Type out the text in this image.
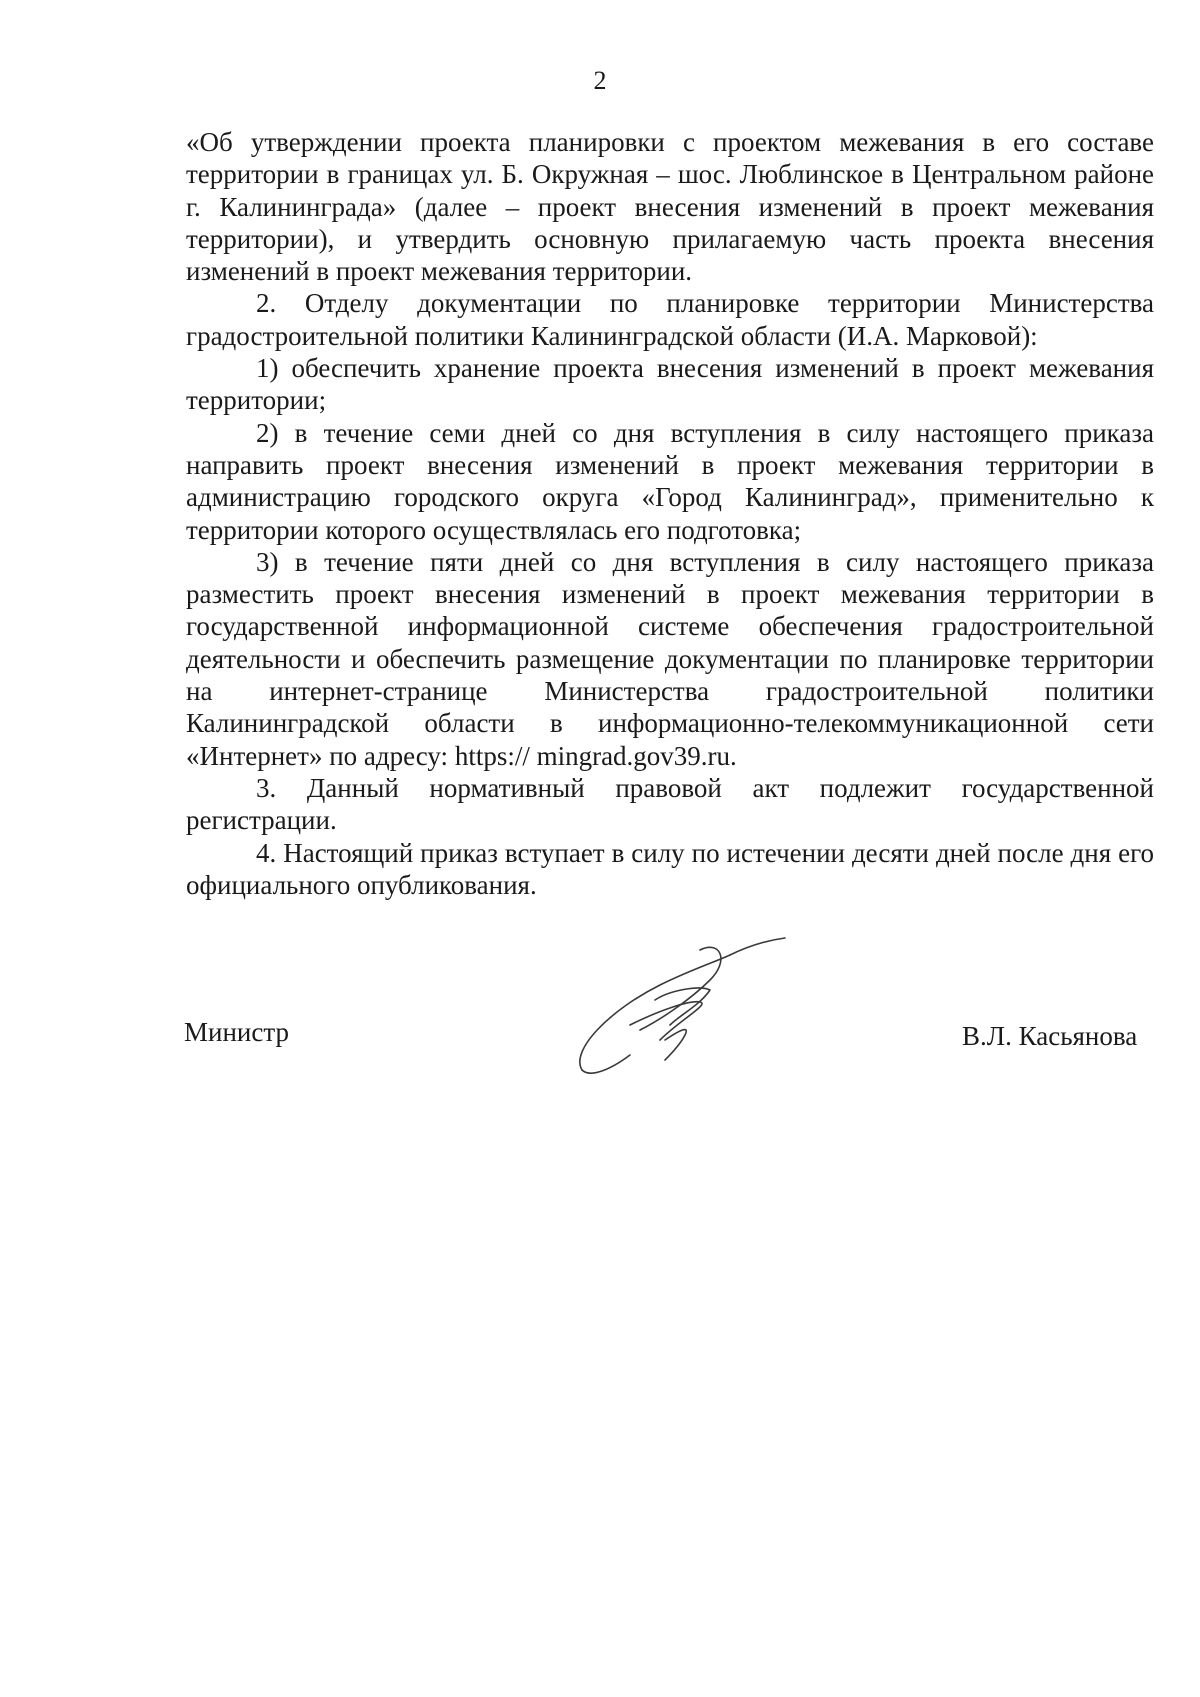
2

«Об утверждении проекта планировки с проектом межевания в его составе территории в границах ул. Б. Окружная – шос. Люблинское в Центральном районе г. Калининграда» (далее – проект внесения изменений в проект межевания территории), и утвердить основную прилагаемую часть проекта внесения изменений в проект межевания территории.

2. Отделу документации по планировке территории Министерства градостроительной политики Калининградской области (И.А. Марковой):

1) обеспечить хранение проекта внесения изменений в проект межевания территории;

2) в течение семи дней со дня вступления в силу настоящего приказа направить проект внесения изменений в проект межевания территории в администрацию городского округа «Город Калининград», применительно к территории которого осуществлялась его подготовка;

3) в течение пяти дней со дня вступления в силу настоящего приказа разместить проект внесения изменений в проект межевания территории в государственной информационной системе обеспечения градостроительной деятельности и обеспечить размещение документации по планировке территории на интернет-странице Министерства градостроительной политики Калининградской области в информационно-телекоммуникационной сети «Интернет» по адресу: https:// mingrad.gov39.ru.

3. Данный нормативный правовой акт подлежит государственной регистрации.

4. Настоящий приказ вступает в силу по истечении десяти дней после дня его официального опубликования.

Министр	В.Л. Касьянова
